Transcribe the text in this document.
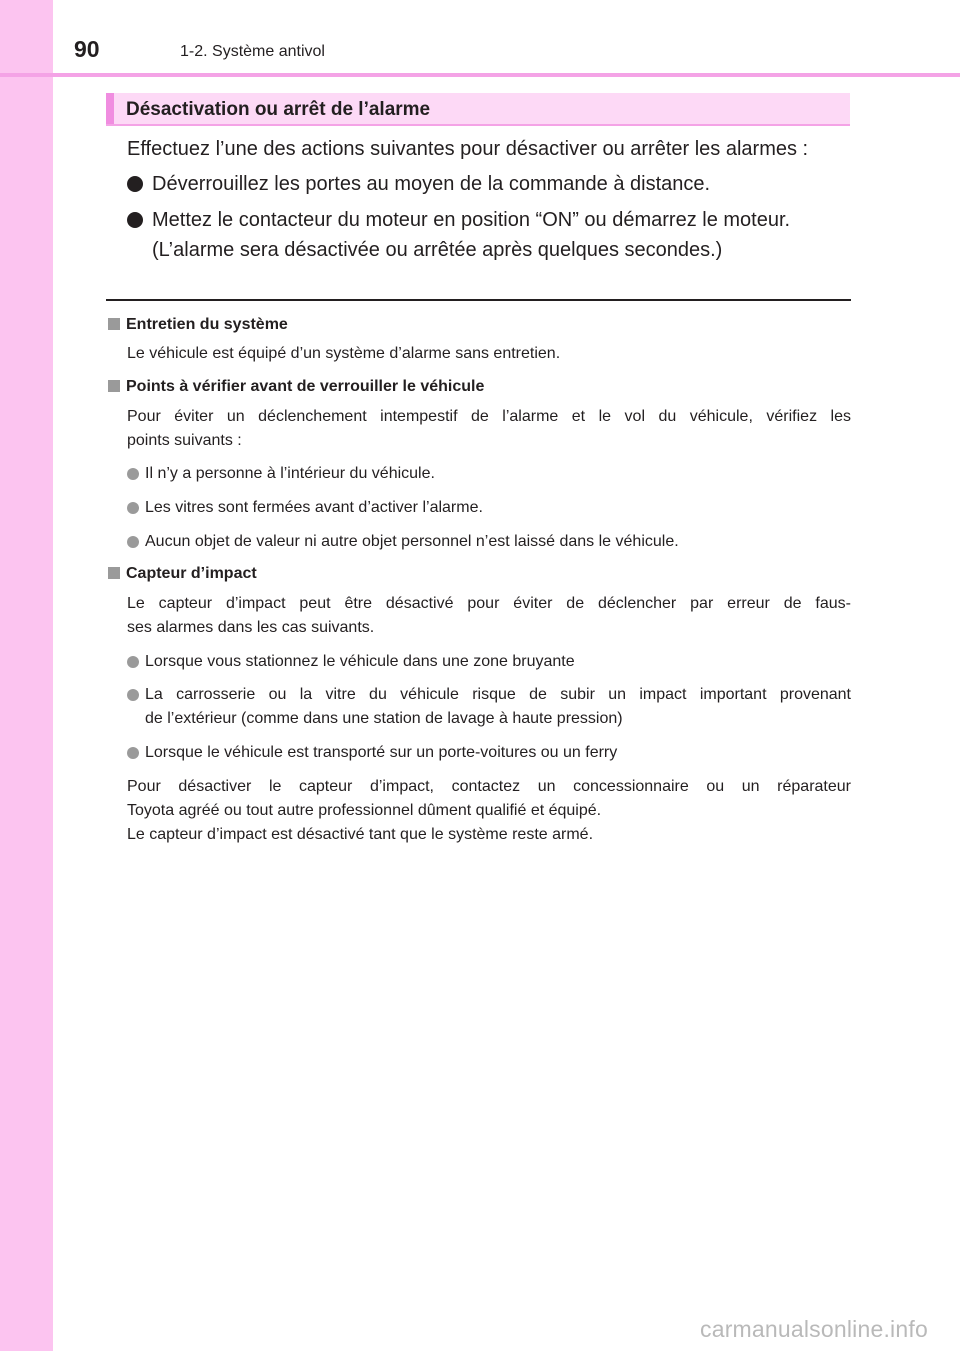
90	1-2. Système antivol
Désactivation ou arrêt de l’alarme
Effectuez l’une des actions suivantes pour désactiver ou arrêter les alarmes :
Déverrouillez les portes au moyen de la commande à distance.
Mettez le contacteur du moteur en position “ON” ou démarrez le moteur.
(L’alarme sera désactivée ou arrêtée après quelques secondes.)
Entretien du système
Le véhicule est équipé d’un système d’alarme sans entretien.
Points à vérifier avant de verrouiller le véhicule
Pour éviter un déclenchement intempestif de l’alarme et le vol du véhicule, vérifiez les
points suivants :
Il n’y a personne à l’intérieur du véhicule.
Les vitres sont fermées avant d’activer l’alarme.
Aucun objet de valeur ni autre objet personnel n’est laissé dans le véhicule.
Capteur d’impact
Le capteur d’impact peut être désactivé pour éviter de déclencher par erreur de faus-
ses alarmes dans les cas suivants.
Lorsque vous stationnez le véhicule dans une zone bruyante
La carrosserie ou la vitre du véhicule risque de subir un impact important provenant
de l’extérieur (comme dans une station de lavage à haute pression)
Lorsque le véhicule est transporté sur un porte-voitures ou un ferry
Pour désactiver le capteur d’impact, contactez un concessionnaire ou un réparateur
Toyota agréé ou tout autre professionnel dûment qualifié et équipé.
Le capteur d’impact est désactivé tant que le système reste armé.
carmanualsonline.info
